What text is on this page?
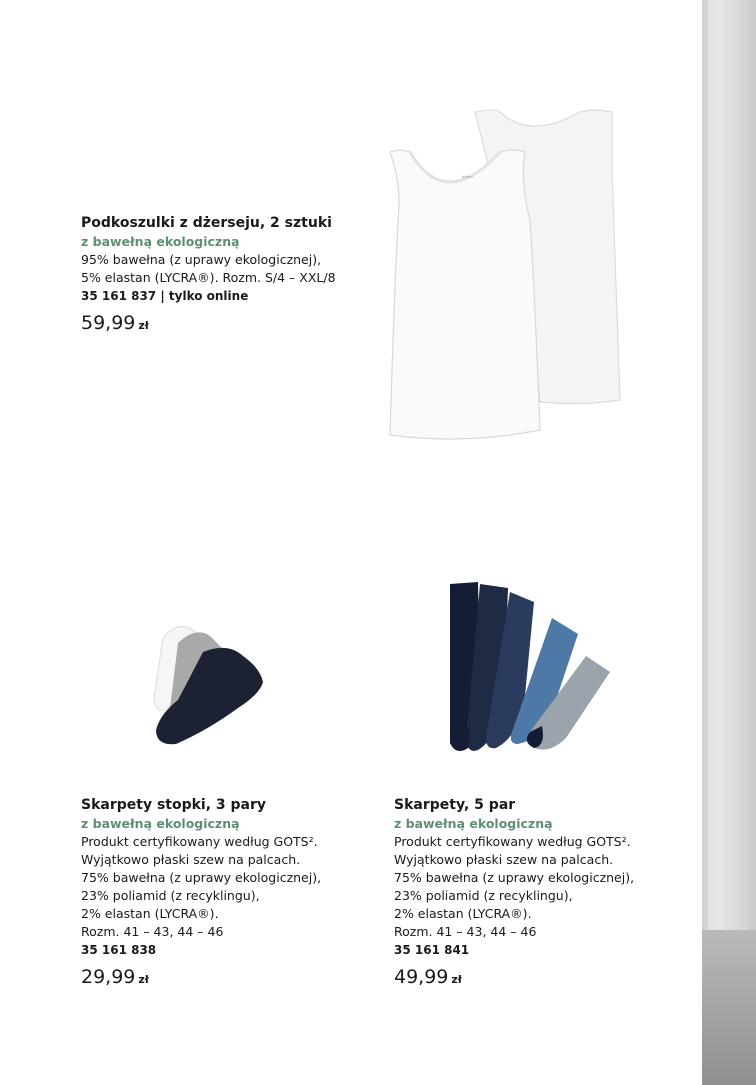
tchibo
Podkoszulki z dżerseju, 2 sztuki
z bawełną ekologiczną
95% bawełna (z uprawy ekologicznej),
5% elastan (LYCRA®). Rozm. S/4 – XXL/8
35 161 837 | tylko online
59,99 zł
Skarpety stopki, 3 pary
z bawełną ekologiczną
Produkt certyfikowany według GOTS².
Wyjątkowo płaski szew na palcach.
75% bawełna (z uprawy ekologicznej),
23% poliamid (z recyklingu),
2% elastan (LYCRA®).
Rozm. 41 – 43, 44 – 46
35 161 838
29,99 zł
Skarpety, 5 par
z bawełną ekologiczną
Produkt certyfikowany według GOTS².
Wyjątkowo płaski szew na palcach.
75% bawełna (z uprawy ekologicznej),
23% poliamid (z recyklingu),
2% elastan (LYCRA®).
Rozm. 41 – 43, 44 – 46
35 161 841
49,99 zł
